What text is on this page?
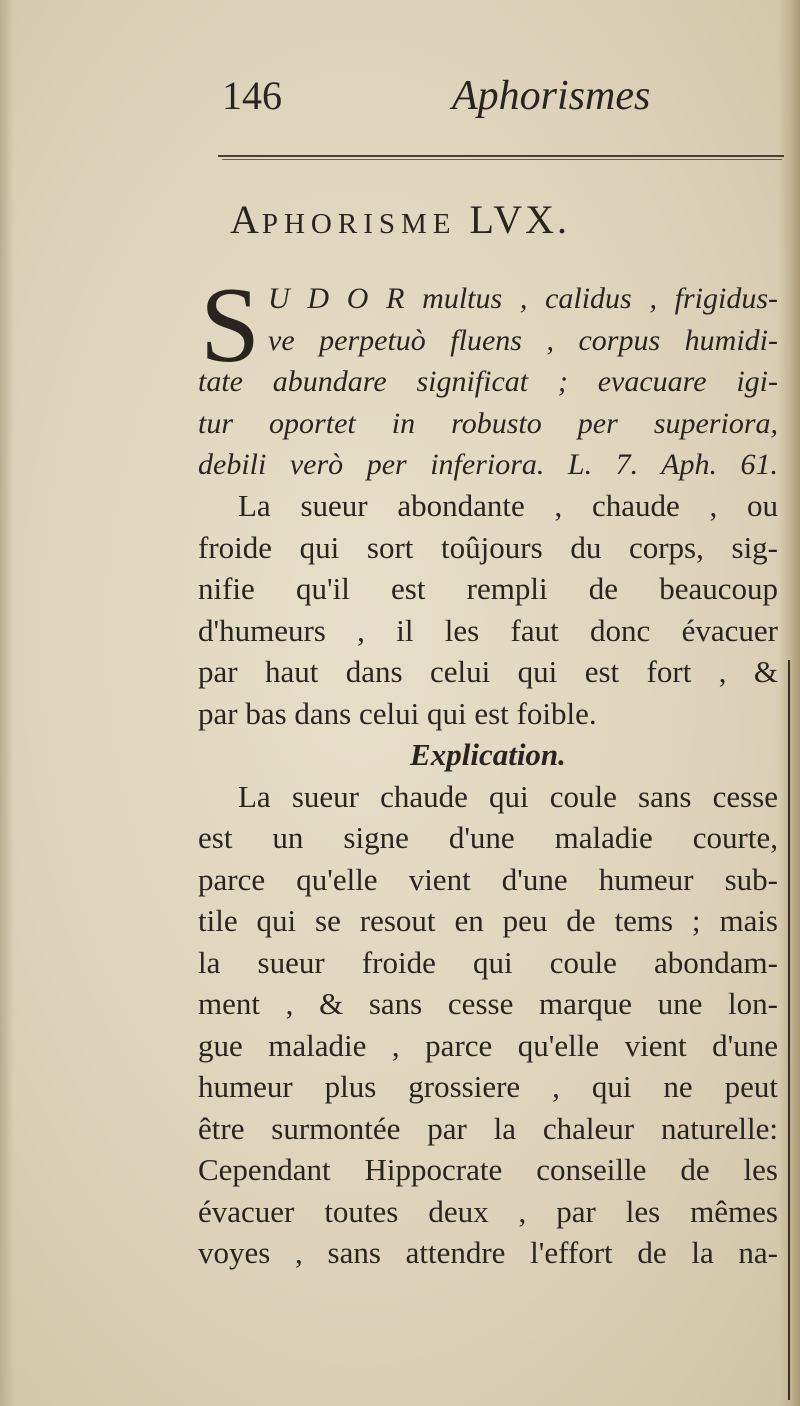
146	Aphorismes
APHORISME LVX.
S U D O R multus , calidus , frigidus-
ve perpetuò fluens , corpus humidi-
tate abundare significat ; evacuare igi-
tur oportet in robusto per superiora,
debili verò per inferiora. L. 7. Aph. 61.
La sueur abondante , chaude , ou
froide qui sort toûjours du corps, sig-
nifie qu'il est rempli de beaucoup
d'humeurs , il les faut donc évacuer
par haut dans celui qui est fort , &
par bas dans celui qui est foible.
Explication.
La sueur chaude qui coule sans cesse
est un signe d'une maladie courte,
parce qu'elle vient d'une humeur sub-
tile qui se resout en peu de tems ; mais
la sueur froide qui coule abondam-
ment , & sans cesse marque une lon-
gue maladie , parce qu'elle vient d'une
humeur plus grossiere , qui ne peut
être surmontée par la chaleur naturelle:
Cependant Hippocrate conseille de les
évacuer toutes deux , par les mêmes
voyes , sans attendre l'effort de la na-
